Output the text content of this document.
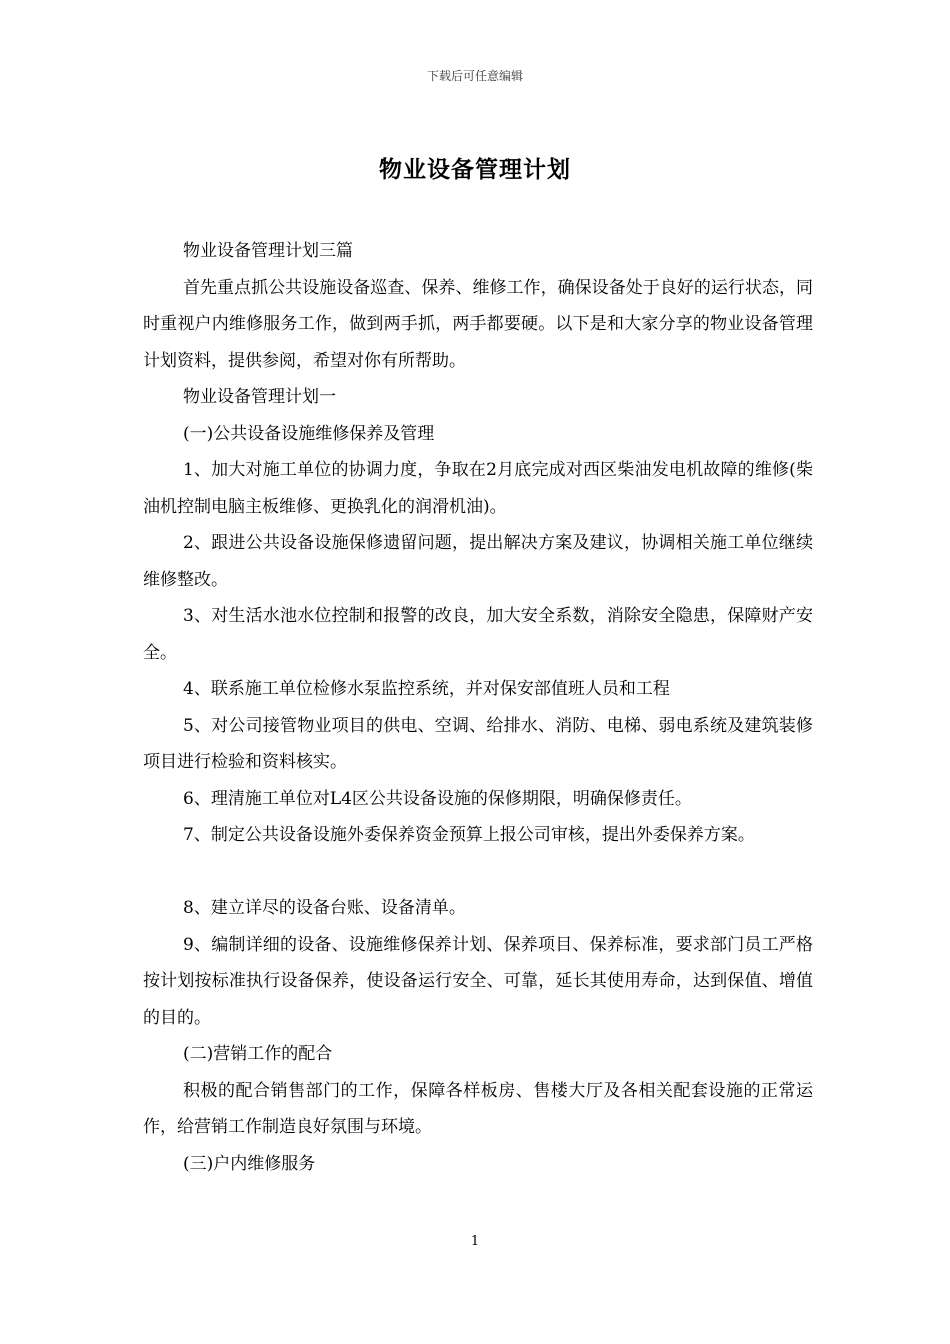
下载后可任意编辑
物业设备管理计划

物业设备管理计划三篇

首先重点抓公共设施设备巡查、保养、维修工作，确保设备处于良好的运行状态，同时重视户内维修服务工作，做到两手抓，两手都要硬。以下是和大家分享的物业设备管理计划资料，提供参阅，希望对你有所帮助。

物业设备管理计划一

(一)公共设备设施维修保养及管理

1、加大对施工单位的协调力度，争取在2月底完成对西区柴油发电机故障的维修(柴油机控制电脑主板维修、更换乳化的润滑机油)。

2、跟进公共设备设施保修遗留问题，提出解决方案及建议，协调相关施工单位继续维修整改。

3、对生活水池水位控制和报警的改良，加大安全系数，消除安全隐患，保障财产安全。

4、联系施工单位检修水泵监控系统，并对保安部值班人员和工程

5、对公司接管物业项目的供电、空调、给排水、消防、电梯、弱电系统及建筑装修项目进行检验和资料核实。

6、理清施工单位对L4区公共设备设施的保修期限，明确保修责任。

7、制定公共设备设施外委保养资金预算上报公司审核，提出外委保养方案。

8、建立详尽的设备台账、设备清单。

9、编制详细的设备、设施维修保养计划、保养项目、保养标准，要求部门员工严格按计划按标准执行设备保养，使设备运行安全、可靠，延长其使用寿命，达到保值、增值的目的。

(二)营销工作的配合

积极的配合销售部门的工作，保障各样板房、售楼大厅及各相关配套设施的正常运作，给营销工作制造良好氛围与环境。

(三)户内维修服务

1
